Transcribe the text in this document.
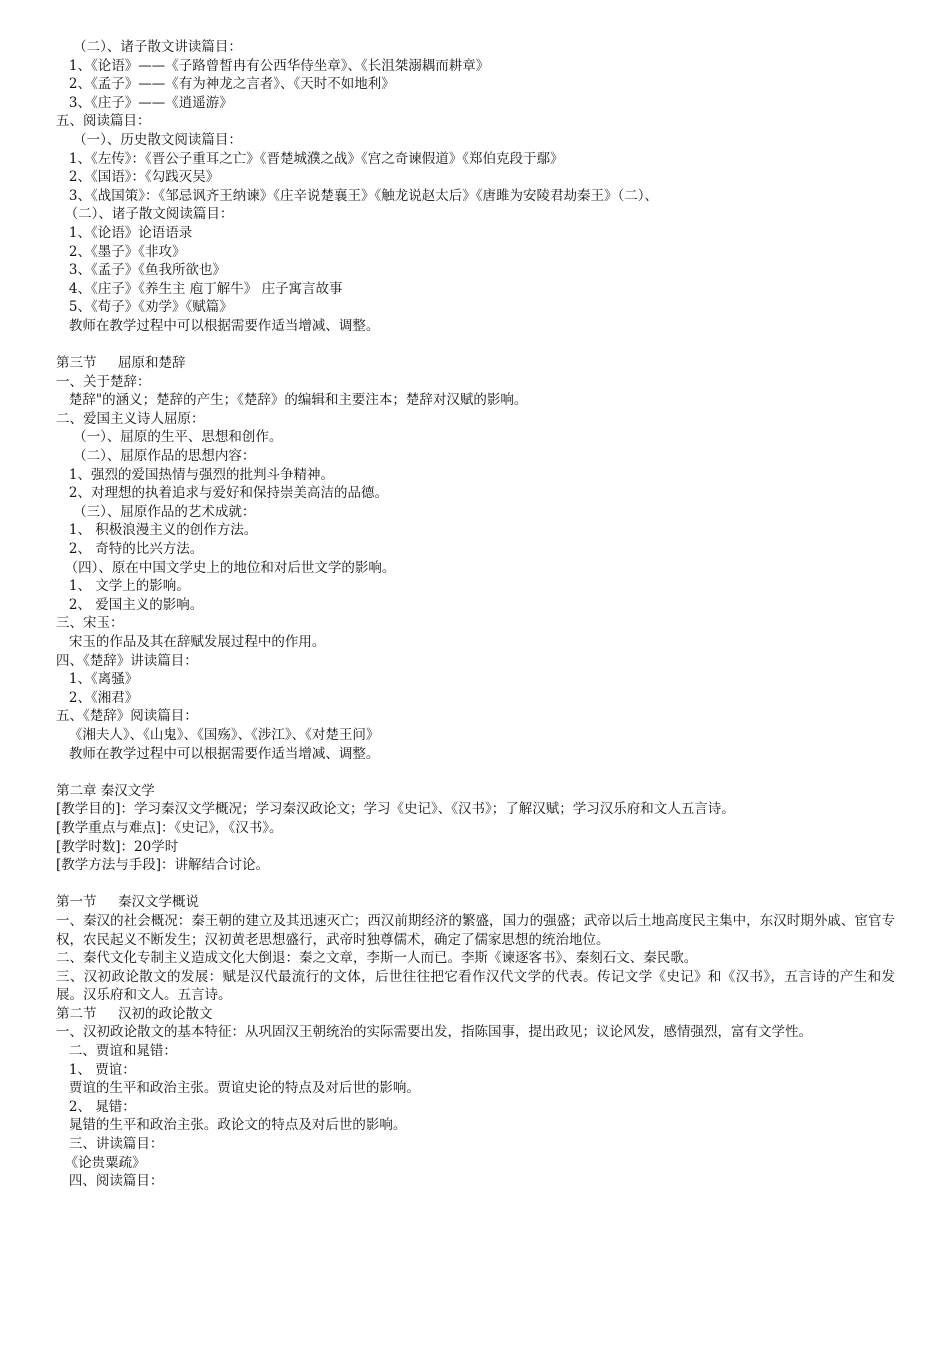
（二）、诸子散文讲读篇目：

1、《论语》——《子路曾皙冉有公西华侍坐章》、《长沮桀溺耦而耕章》

2、《孟子》——《有为神龙之言者》、《天时不如地利》

3、《庄子》——《逍遥游》

五、阅读篇目：

（一）、历史散文阅读篇目：

1、《左传》：《晋公子重耳之亡》《晋楚城濮之战》《宫之奇谏假道》《郑伯克段于鄢》

2、《国语》：《勾践灭吴》

3、《战国策》：《邹忌讽齐王纳谏》《庄辛说楚襄王》《触龙说赵太后》《唐雎为安陵君劫秦王》（二）、

（二）、诸子散文阅读篇目：

1、《论语》论语语录

2、《墨子》《非攻》

3、《孟子》《鱼我所欲也》

4、《庄子》《养生主 庖丁解牛》 庄子寓言故事

5、《荀子》《劝学》《赋篇》

教师在教学过程中可以根据需要作适当增减、调整。

第三节     屈原和楚辞

一、关于楚辞：

楚辞"的涵义；楚辞的产生；《楚辞》的编辑和主要注本；楚辞对汉赋的影响。

二、爱国主义诗人屈原：

（一）、屈原的生平、思想和创作。

（二）、屈原作品的思想内容：

1、强烈的爱国热情与强烈的批判斗争精神。

2、对理想的执着追求与爱好和保持崇美高洁的品德。

（三）、屈原作品的艺术成就：

1、 积极浪漫主义的创作方法。

2、 奇特的比兴方法。

（四）、原在中国文学史上的地位和对后世文学的影响。

1、 文学上的影响。

2、 爱国主义的影响。

三、宋玉：

宋玉的作品及其在辞赋发展过程中的作用。

四、《楚辞》讲读篇目：

1、《离骚》

2、《湘君》

五、《楚辞》阅读篇目：

《湘夫人》、《山鬼》、《国殇》、《涉江》、《对楚王问》

教师在教学过程中可以根据需要作适当增减、调整。

第二章 秦汉文学

[教学目的]：学习秦汉文学概况；学习秦汉政论文；学习《史记》、《汉书》；了解汉赋；学习汉乐府和文人五言诗。

[教学重点与难点]：《史记》，《汉书》。

[教学时数]：20学时

[教学方法与手段]：讲解结合讨论。

第一节     秦汉文学概说

一、秦汉的社会概况：秦王朝的建立及其迅速灭亡；西汉前期经济的繁盛，国力的强盛；武帝以后土地高度民主集中，东汉时期外戚、宦官专权，农民起义不断发生；汉初黄老思想盛行，武帝时独尊儒术，确定了儒家思想的统治地位。

二、秦代文化专制主义造成文化大倒退：秦之文章，李斯一人而已。李斯《谏逐客书》、秦刻石文、秦民歌。

三、汉初政论散文的发展：赋是汉代最流行的文体，后世往往把它看作汉代文学的代表。传记文学《史记》和《汉书》，五言诗的产生和发展。汉乐府和文人。五言诗。

第二节     汉初的政论散文

一、汉初政论散文的基本特征：从巩固汉王朝统治的实际需要出发，指陈国事，提出政见；议论风发，感情强烈，富有文学性。

二、贾谊和晁错：

1、 贾谊：

贾谊的生平和政治主张。贾谊史论的特点及对后世的影响。

2、 晁错：

晁错的生平和政治主张。政论文的特点及对后世的影响。

三、讲读篇目：

《论贵粟疏》

四、阅读篇目：
